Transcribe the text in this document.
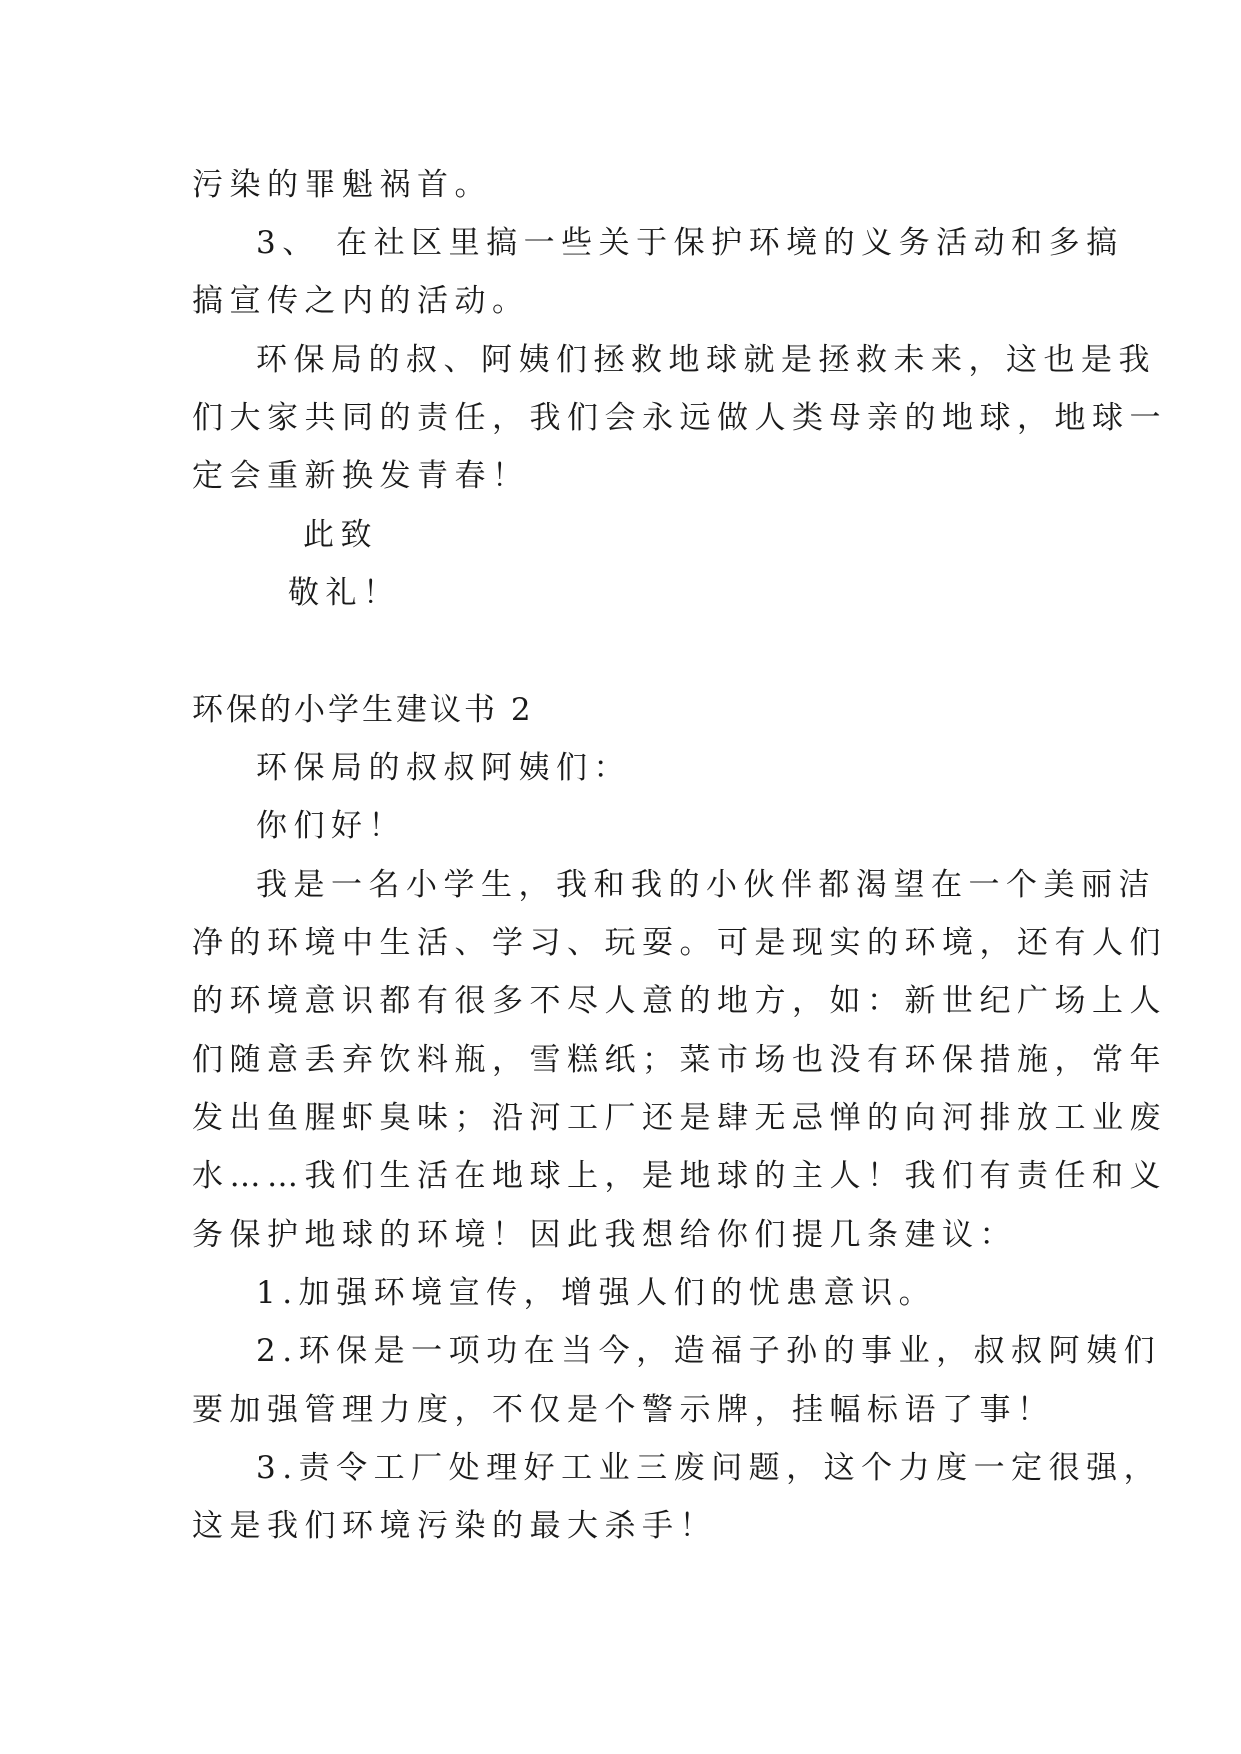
污染的罪魁祸首。
3、 在社区里搞一些关于保护环境的义务活动和多搞
搞宣传之内的活动。
环保局的叔、阿姨们拯救地球就是拯救未来，这也是我
们大家共同的责任，我们会永远做人类母亲的地球，地球一
定会重新换发青春！
此致
敬礼！
环保的小学生建议书 2
环保局的叔叔阿姨们：
你们好！
我是一名小学生，我和我的小伙伴都渴望在一个美丽洁
净的环境中生活、学习、玩耍。可是现实的环境，还有人们
的环境意识都有很多不尽人意的地方，如：新世纪广场上人
们随意丢弃饮料瓶，雪糕纸；菜市场也没有环保措施，常年
发出鱼腥虾臭味；沿河工厂还是肆无忌惮的向河排放工业废
水……我们生活在地球上，是地球的主人！我们有责任和义
务保护地球的环境！因此我想给你们提几条建议：
1.加强环境宣传，增强人们的忧患意识。
2.环保是一项功在当今，造福子孙的事业，叔叔阿姨们
要加强管理力度，不仅是个警示牌，挂幅标语了事！
3.责令工厂处理好工业三废问题，这个力度一定很强，
这是我们环境污染的最大杀手！
